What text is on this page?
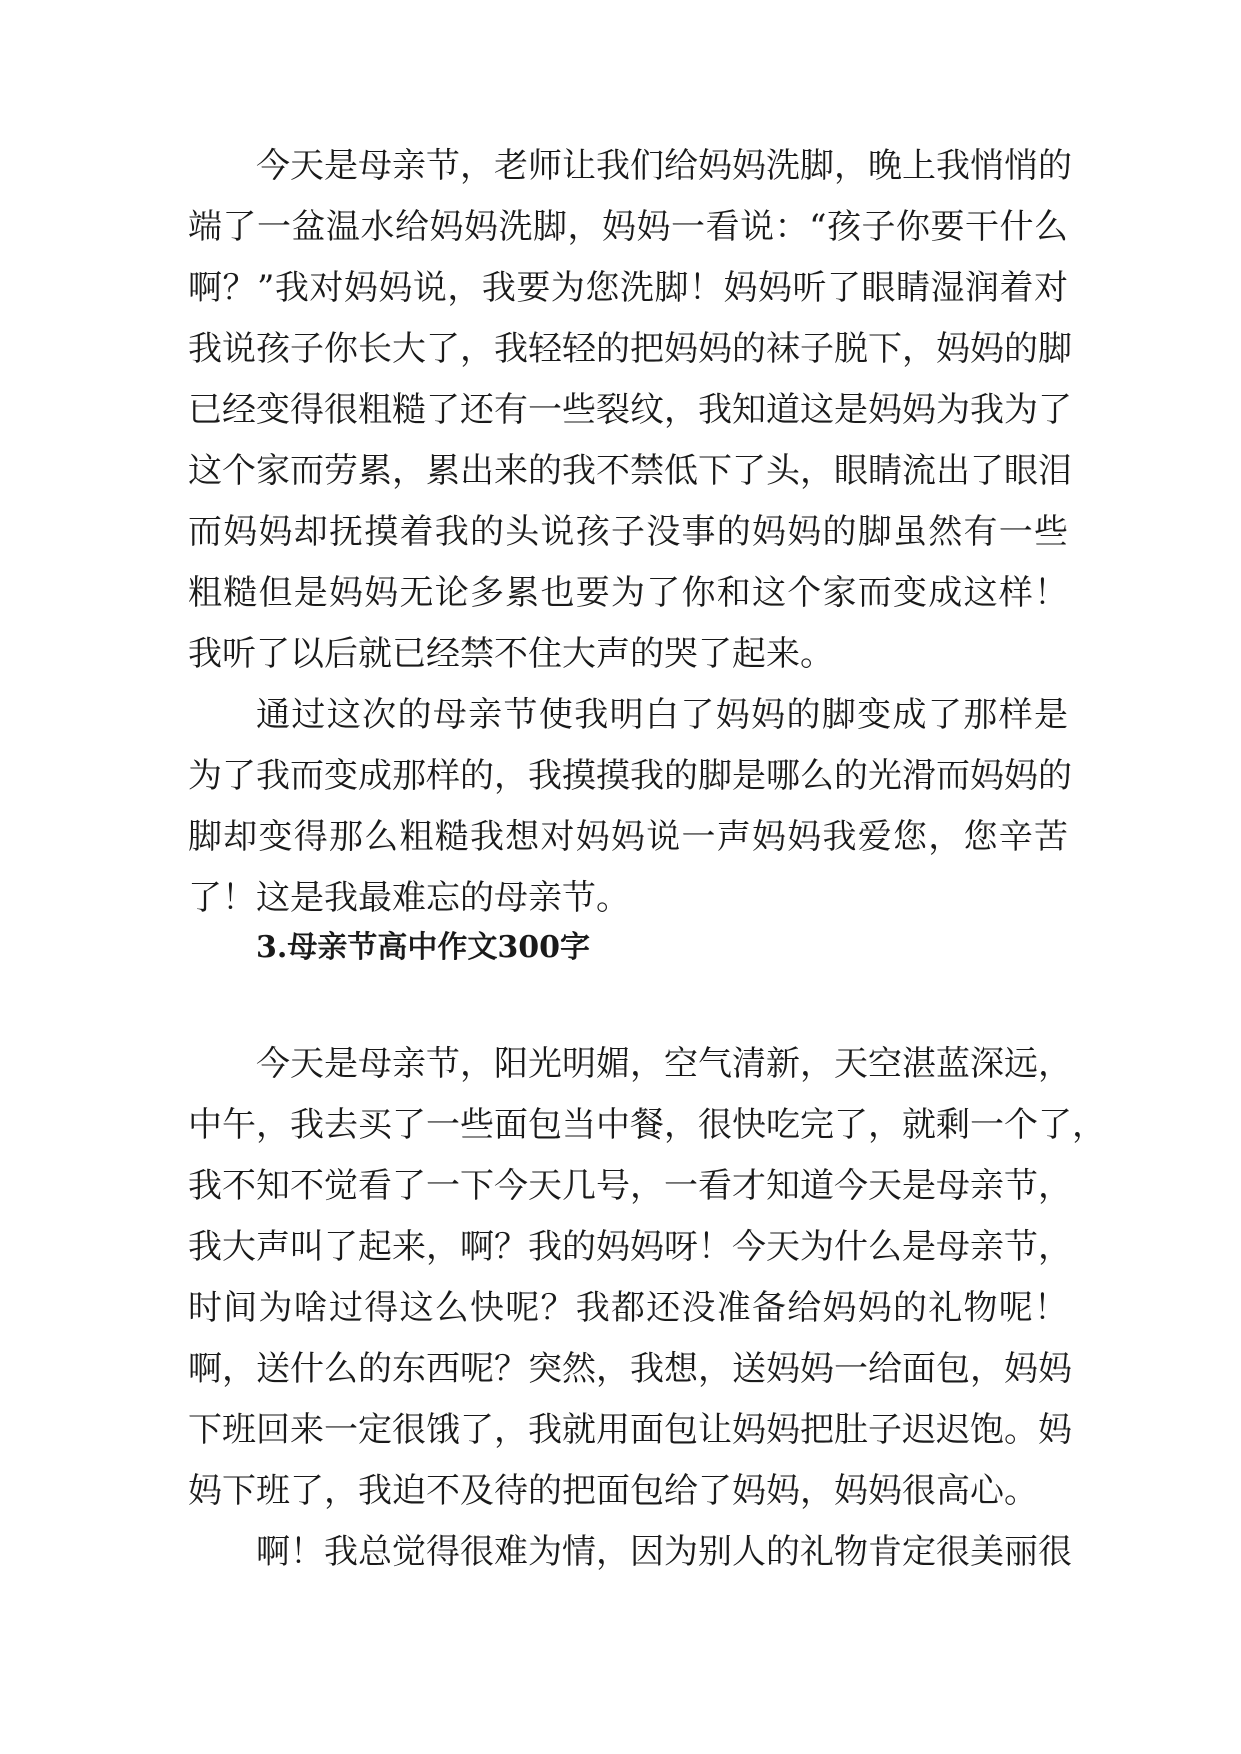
今天是母亲节，老师让我们给妈妈洗脚，晚上我悄悄的
端了一盆温水给妈妈洗脚，妈妈一看说：“孩子你要干什么
啊？”我对妈妈说，我要为您洗脚！妈妈听了眼睛湿润着对
我说孩子你长大了，我轻轻的把妈妈的袜子脱下，妈妈的脚
已经变得很粗糙了还有一些裂纹，我知道这是妈妈为我为了
这个家而劳累，累出来的我不禁低下了头，眼睛流出了眼泪
而妈妈却抚摸着我的头说孩子没事的妈妈的脚虽然有一些
粗糙但是妈妈无论多累也要为了你和这个家而变成这样！
我听了以后就已经禁不住大声的哭了起来。

通过这次的母亲节使我明白了妈妈的脚变成了那样是
为了我而变成那样的，我摸摸我的脚是哪么的光滑而妈妈的
脚却变得那么粗糙我想对妈妈说一声妈妈我爱您，您辛苦
了！这是我最难忘的母亲节。

3.母亲节高中作文300字

今天是母亲节，阳光明媚，空气清新，天空湛蓝深远，
中午，我去买了一些面包当中餐，很快吃完了，就剩一个了，
我不知不觉看了一下今天几号，一看才知道今天是母亲节，
我大声叫了起来，啊？我的妈妈呀！今天为什么是母亲节，
时间为啥过得这么快呢？我都还没准备给妈妈的礼物呢！
啊，送什么的东西呢？突然，我想，送妈妈一给面包，妈妈
下班回来一定很饿了，我就用面包让妈妈把肚子迟迟饱。妈
妈下班了，我迫不及待的把面包给了妈妈，妈妈很高心。

啊！我总觉得很难为情，因为别人的礼物肯定很美丽很
